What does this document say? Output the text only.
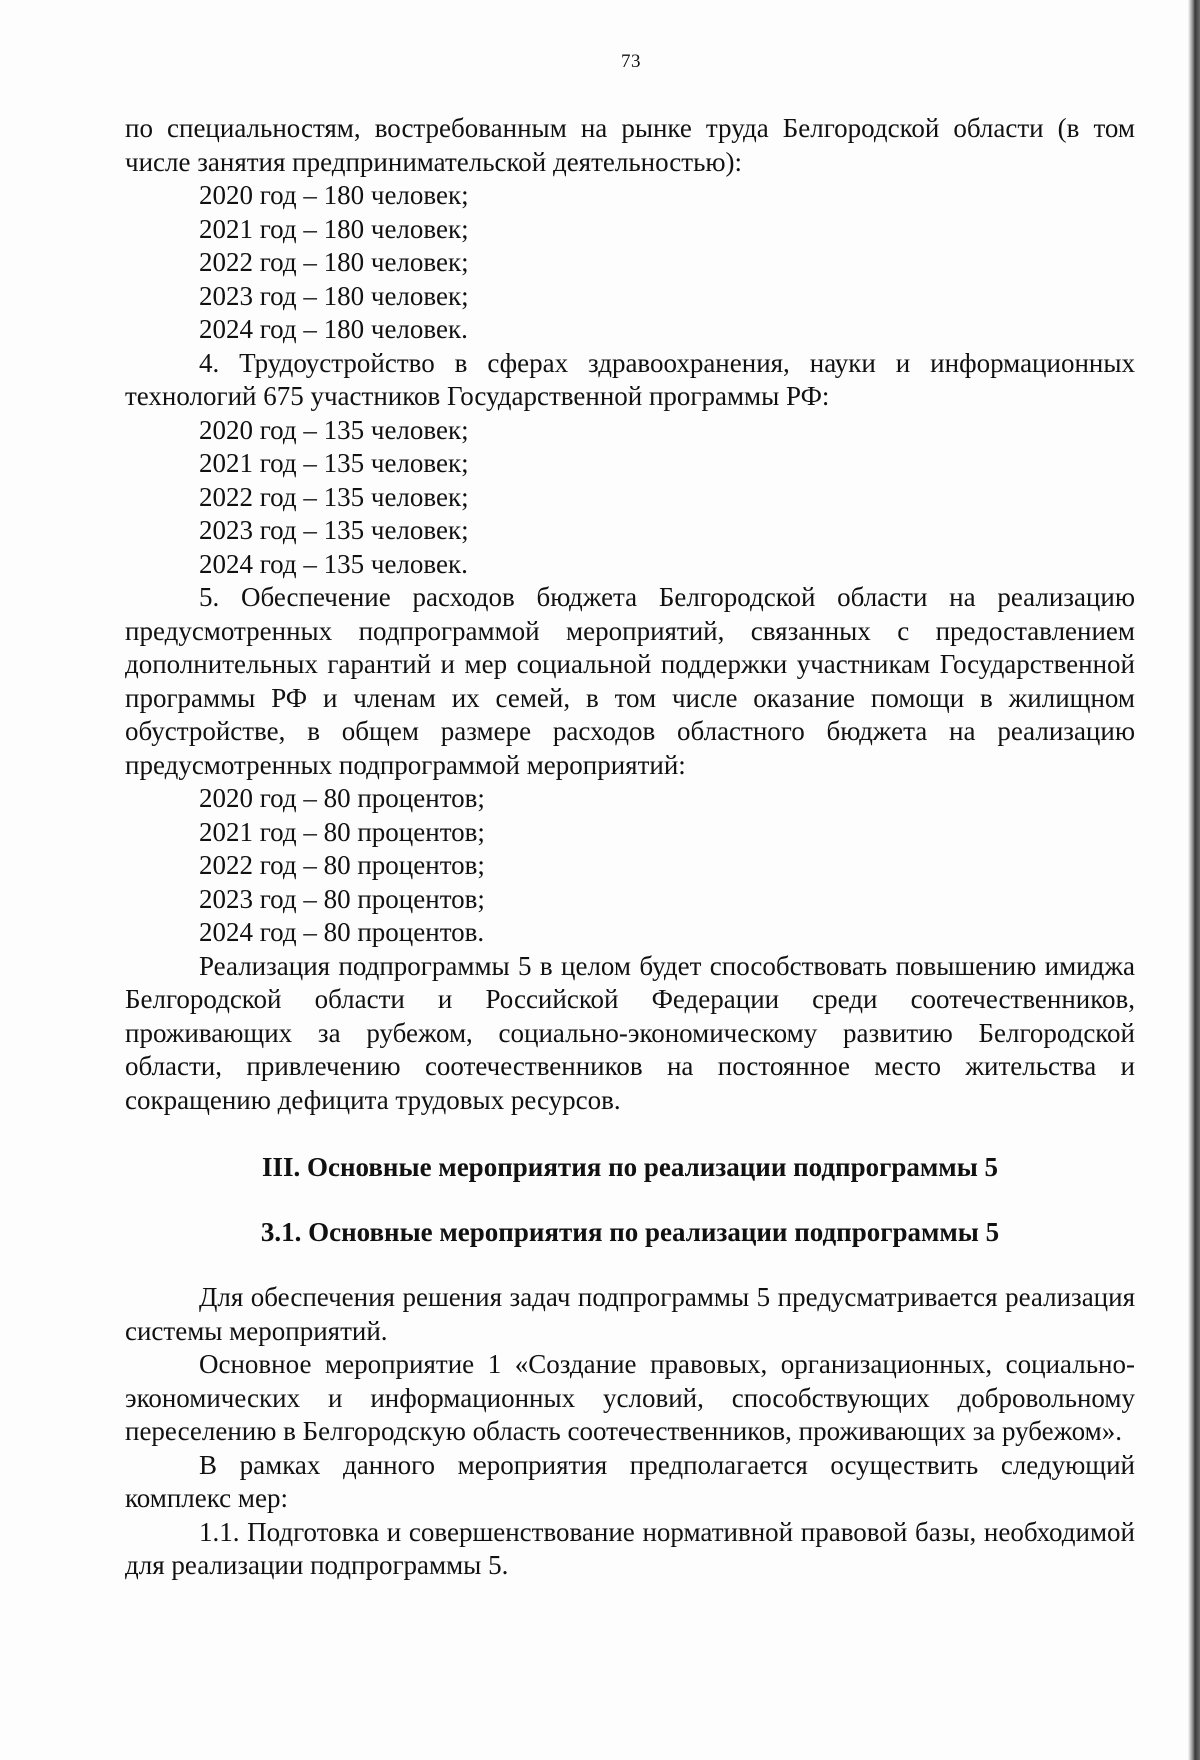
73

по специальностям, востребованным на рынке труда Белгородской области (в том числе занятия предпринимательской деятельностью):

2020 год – 180 человек;

2021 год – 180 человек;

2022 год – 180 человек;

2023 год – 180 человек;

2024 год – 180 человек.

4. Трудоустройство в сферах здравоохранения, науки и информационных технологий 675 участников Государственной программы РФ:

2020 год – 135 человек;

2021 год – 135 человек;

2022 год – 135 человек;

2023 год – 135 человек;

2024 год – 135 человек.

5. Обеспечение расходов бюджета Белгородской области на реализацию предусмотренных подпрограммой мероприятий, связанных с предоставлением дополнительных гарантий и мер социальной поддержки участникам Государственной программы РФ и членам их семей, в том числе оказание помощи в жилищном обустройстве, в общем размере расходов областного бюджета на реализацию предусмотренных подпрограммой мероприятий:

2020 год – 80 процентов;

2021 год – 80 процентов;

2022 год – 80 процентов;

2023 год – 80 процентов;

2024 год – 80 процентов.

Реализация подпрограммы 5 в целом будет способствовать повышению имиджа Белгородской области и Российской Федерации среди соотечественников, проживающих за рубежом, социально-экономическому развитию Белгородской области, привлечению соотечественников на постоянное место жительства и сокращению дефицита трудовых ресурсов.

III. Основные мероприятия по реализации подпрограммы 5
3.1. Основные мероприятия по реализации подпрограммы 5

Для обеспечения решения задач подпрограммы 5 предусматривается реализация системы мероприятий.

Основное мероприятие 1 «Создание правовых, организационных, социально-экономических и информационных условий, способствующих добровольному переселению в Белгородскую область соотечественников, проживающих за рубежом».

В рамках данного мероприятия предполагается осуществить следующий комплекс мер:

1.1. Подготовка и совершенствование нормативной правовой базы, необходимой для реализации подпрограммы 5.
